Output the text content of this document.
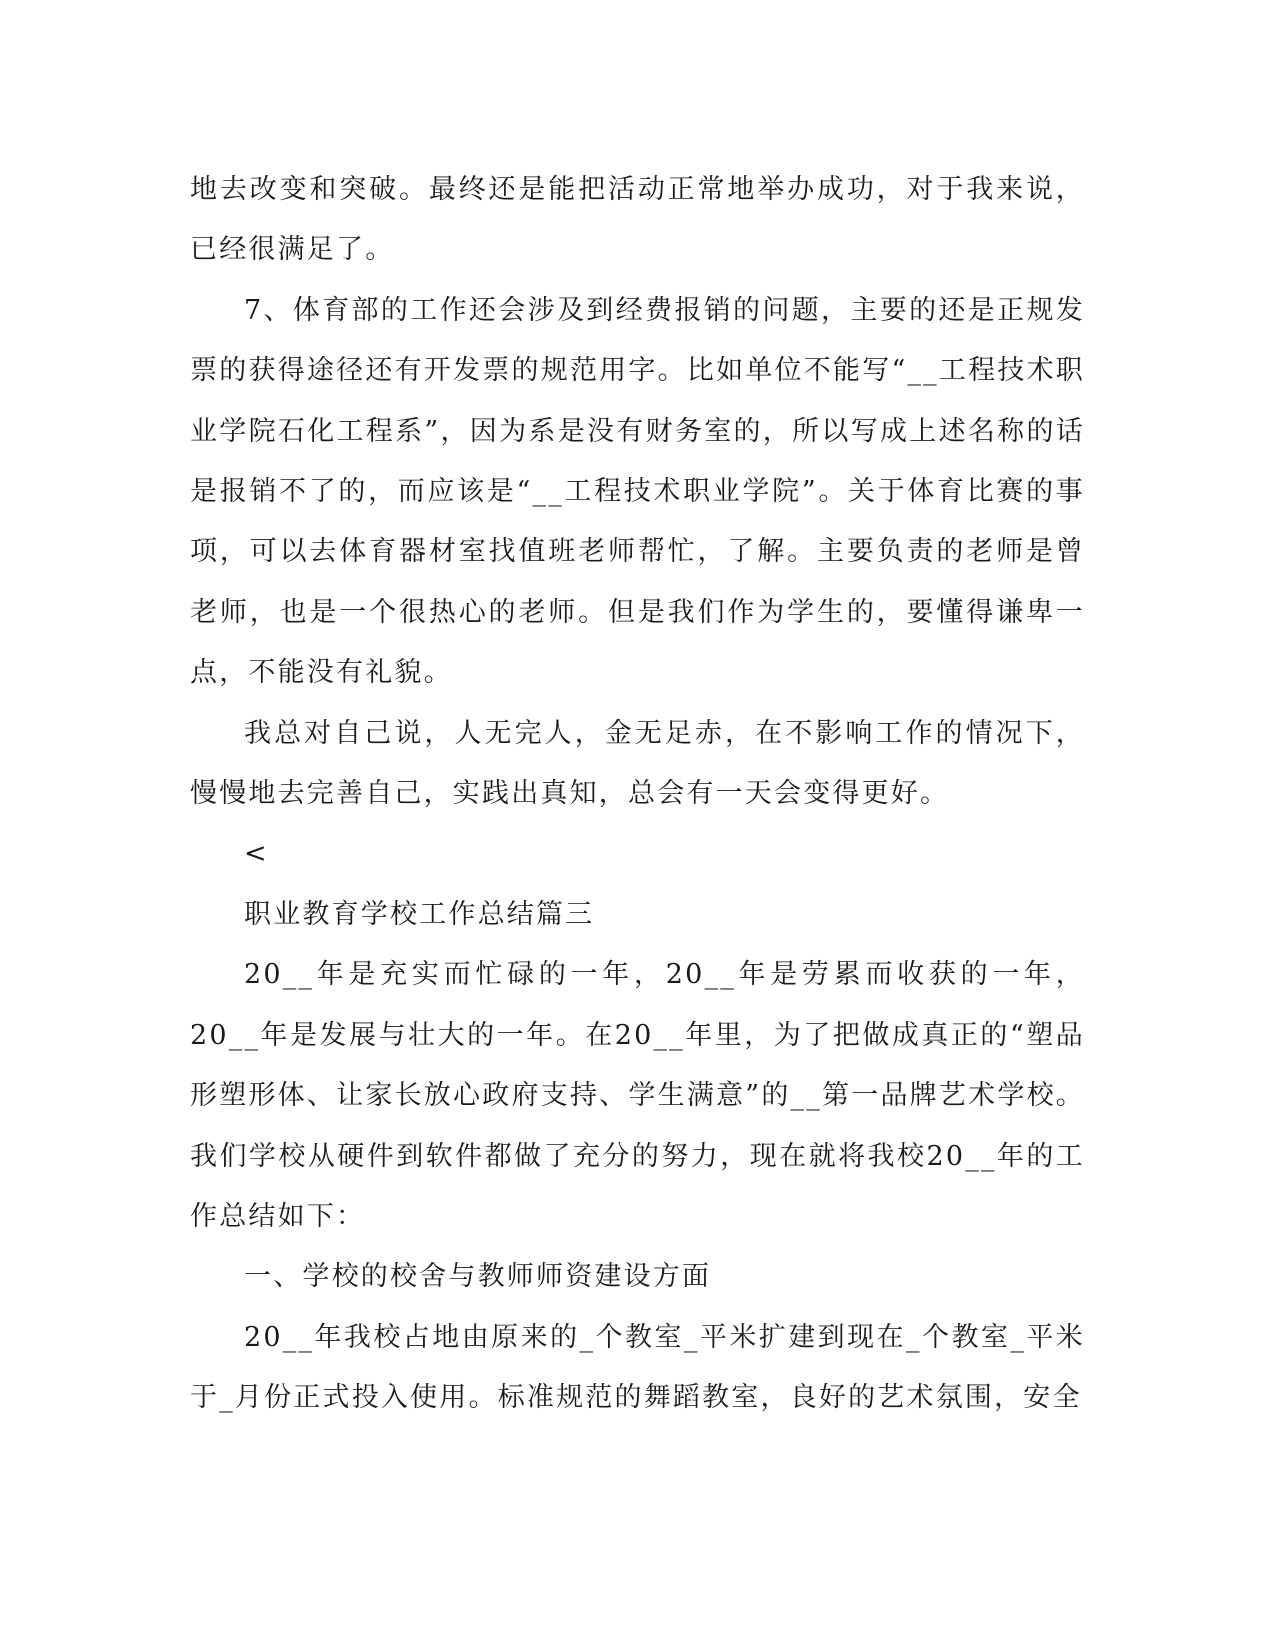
地去改变和突破。最终还是能把活动正常地举办成功，对于我来说，已经很满足了。

7、体育部的工作还会涉及到经费报销的问题，主要的还是正规发票的获得途径还有开发票的规范用字。比如单位不能写“__工程技术职业学院石化工程系”，因为系是没有财务室的，所以写成上述名称的话是报销不了的，而应该是“__工程技术职业学院”。关于体育比赛的事项，可以去体育器材室找值班老师帮忙，了解。主要负责的老师是曾老师，也是一个很热心的老师。但是我们作为学生的，要懂得谦卑一点，不能没有礼貌。

我总对自己说，人无完人，金无足赤，在不影响工作的情况下，慢慢地去完善自己，实践出真知，总会有一天会变得更好。

<

职业教育学校工作总结篇三

20__年是充实而忙碌的一年，20__年是劳累而收获的一年，20__年是发展与壮大的一年。在20__年里，为了把做成真正的“塑品形塑形体、让家长放心政府支持、学生满意”的__第一品牌艺术学校。我们学校从硬件到软件都做了充分的努力，现在就将我校20__年的工作总结如下：

一、学校的校舍与教师师资建设方面

20__年我校占地由原来的_个教室_平米扩建到现在_个教室_平米于_月份正式投入使用。标准规范的舞蹈教室，良好的艺术氛围，安全
